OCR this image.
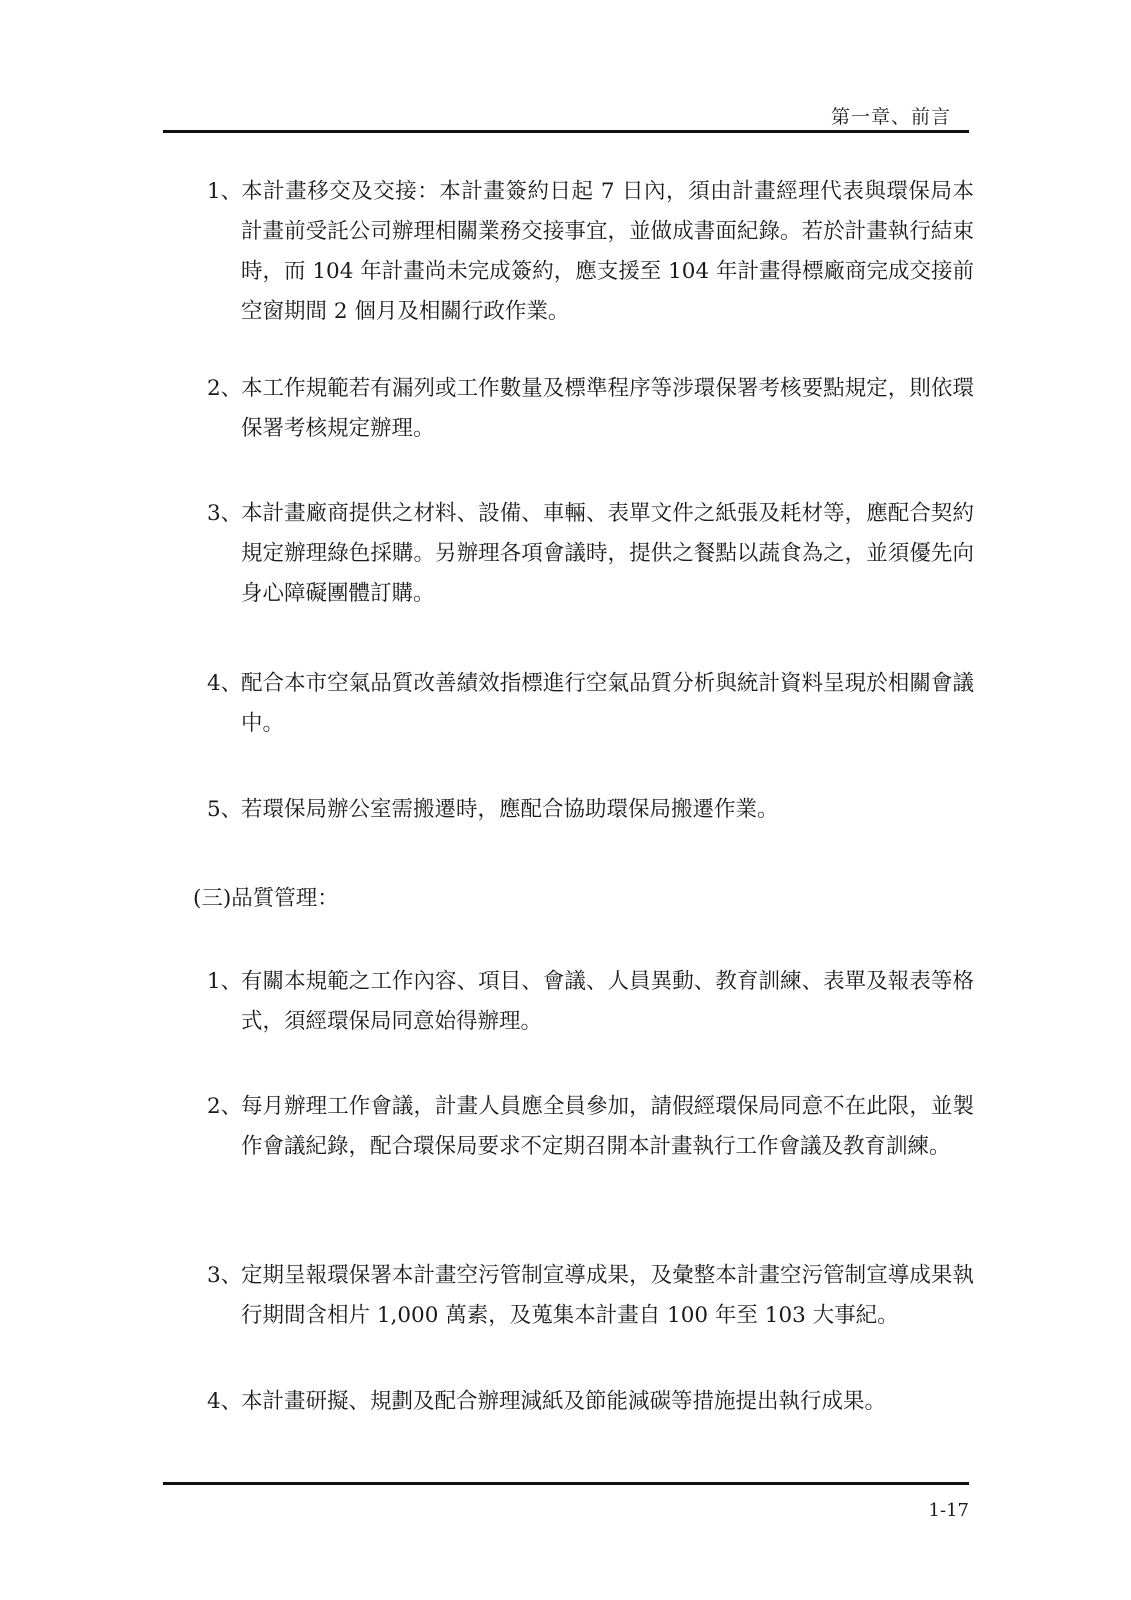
第一章、前言
1、
本計畫移交及交接：本計畫簽約日起 7 日內，須由計畫經理代表與環保局本計畫前受託公司辦理相關業務交接事宜，並做成書面紀錄。若於計畫執行結束時，而 104 年計畫尚未完成簽約，應支援至 104 年計畫得標廠商完成交接前空窗期間 2 個月及相關行政作業。
2、
本工作規範若有漏列或工作數量及標準程序等涉環保署考核要點規定，則依環保署考核規定辦理。
3、
本計畫廠商提供之材料、設備、車輛、表單文件之紙張及耗材等，應配合契約規定辦理綠色採購。另辦理各項會議時，提供之餐點以蔬食為之，並須優先向身心障礙團體訂購。
4、
配合本市空氣品質改善績效指標進行空氣品質分析與統計資料呈現於相關會議中。
5、
若環保局辦公室需搬遷時，應配合協助環保局搬遷作業。
(三)品質管理：
1、
有關本規範之工作內容、項目、會議、人員異動、教育訓練、表單及報表等格式，須經環保局同意始得辦理。
2、
每月辦理工作會議，計畫人員應全員參加，請假經環保局同意不在此限，並製作會議紀錄，配合環保局要求不定期召開本計畫執行工作會議及教育訓練。
3、
定期呈報環保署本計畫空污管制宣導成果，及彙整本計畫空污管制宣導成果執行期間含相片 1,000 萬素，及蒐集本計畫自 100 年至 103 大事紀。
4、
本計畫研擬、規劃及配合辦理減紙及節能減碳等措施提出執行成果。
1-17
